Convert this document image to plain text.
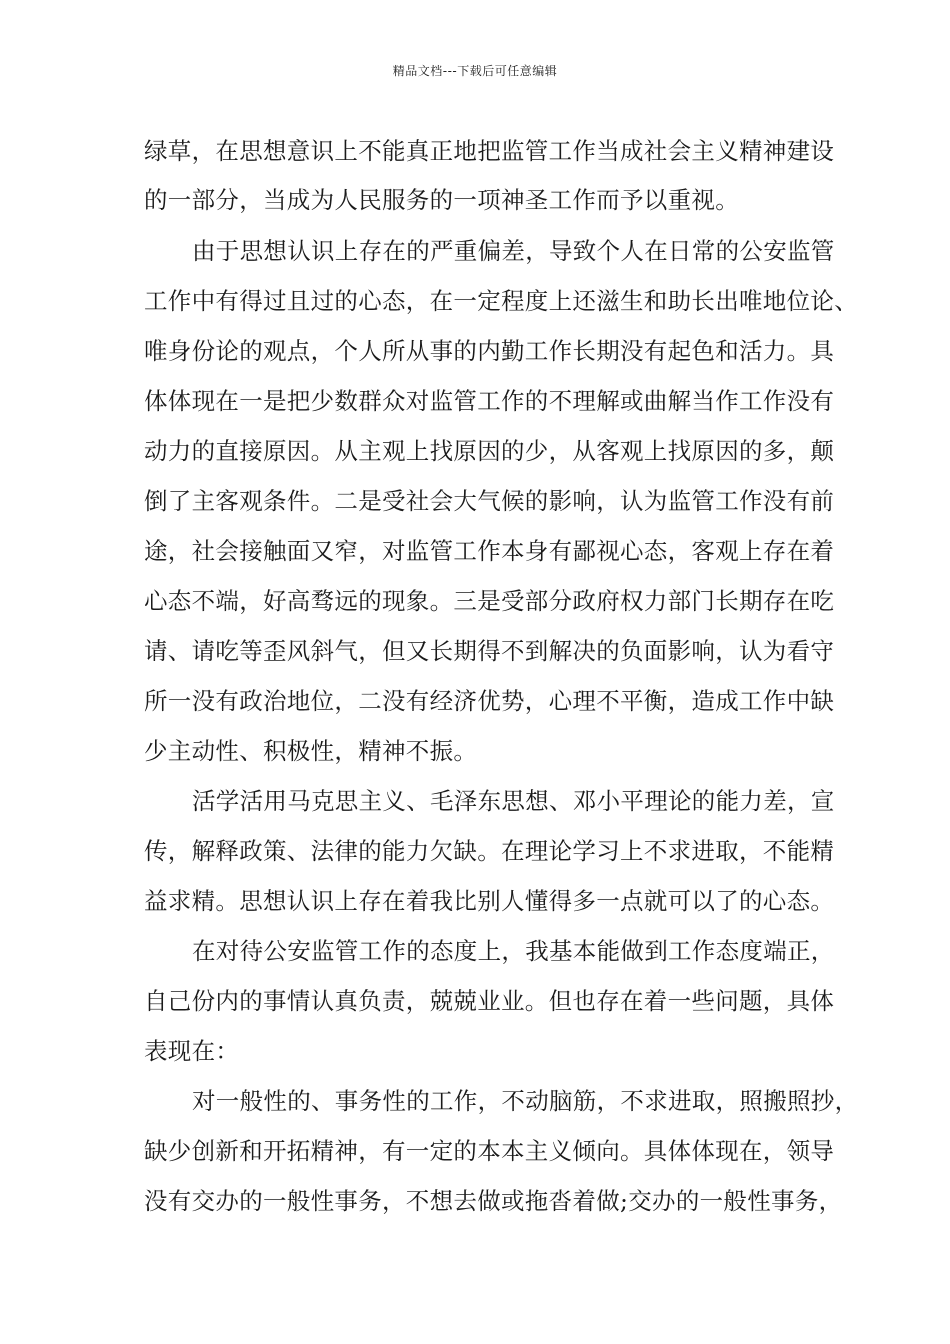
精品文档---下载后可任意编辑
绿草，在思想意识上不能真正地把监管工作当成社会主义精神建设
的一部分，当成为人民服务的一项神圣工作而予以重视。
由于思想认识上存在的严重偏差，导致个人在日常的公安监管
工作中有得过且过的心态，在一定程度上还滋生和助长出唯地位论、
唯身份论的观点，个人所从事的内勤工作长期没有起色和活力。具
体体现在一是把少数群众对监管工作的不理解或曲解当作工作没有
动力的直接原因。从主观上找原因的少，从客观上找原因的多，颠
倒了主客观条件。二是受社会大气候的影响，认为监管工作没有前
途，社会接触面又窄，对监管工作本身有鄙视心态，客观上存在着
心态不端，好高骛远的现象。三是受部分政府权力部门长期存在吃
请、请吃等歪风斜气，但又长期得不到解决的负面影响，认为看守
所一没有政治地位，二没有经济优势，心理不平衡，造成工作中缺
少主动性、积极性，精神不振。
活学活用马克思主义、毛泽东思想、邓小平理论的能力差，宣
传，解释政策、法律的能力欠缺。在理论学习上不求进取，不能精
益求精。思想认识上存在着我比别人懂得多一点就可以了的心态。
在对待公安监管工作的态度上，我基本能做到工作态度端正，
自己份内的事情认真负责，兢兢业业。但也存在着一些问题，具体
表现在：
对一般性的、事务性的工作，不动脑筋，不求进取，照搬照抄，
缺少创新和开拓精神，有一定的本本主义倾向。具体体现在，领导
没有交办的一般性事务，不想去做或拖沓着做;交办的一般性事务，
